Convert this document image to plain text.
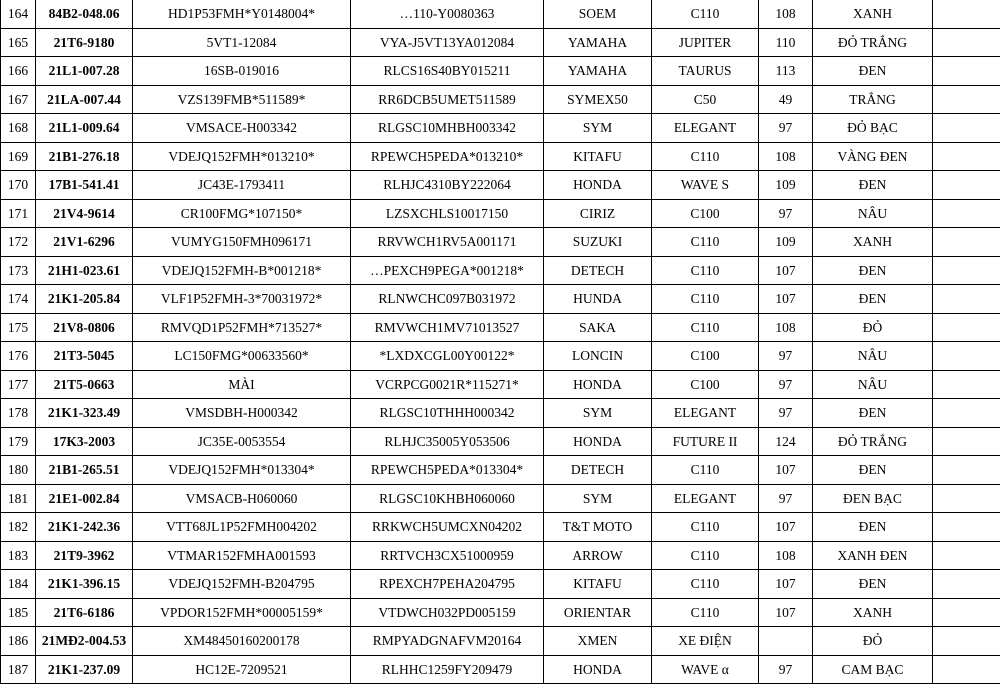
164	84B2-048.06	HD1P53FMH*Y0148004*	…110-Y0080363	SOEM	C110	108	XANH	
165	21T6-9180	5VT1-12084	VYA-J5VT13YA012084	YAMAHA	JUPITER	110	ĐỎ TRẮNG	
166	21L1-007.28	16SB-019016	RLCS16S40BY015211	YAMAHA	TAURUS	113	ĐEN	
167	21LA-007.44	VZS139FMB*511589*	RR6DCB5UMET511589	SYMEX50	C50	49	TRẮNG	
168	21L1-009.64	VMSACE-H003342	RLGSC10MHBH003342	SYM	ELEGANT	97	ĐỎ BẠC	
169	21B1-276.18	VDEJQ152FMH*013210*	RPEWCH5PEDA*013210*	KITAFU	C110	108	VÀNG ĐEN	
170	17B1-541.41	JC43E-1793411	RLHJC4310BY222064	HONDA	WAVE S	109	ĐEN	
171	21V4-9614	CR100FMG*107150*	LZSXCHLS10017150	CIRIZ	C100	97	NÂU	
172	21V1-6296	VUMYG150FMH096171	RRVWCH1RV5A001171	SUZUKI	C110	109	XANH	
173	21H1-023.61	VDEJQ152FMH-B*001218*	…PEXCH9PEGA*001218*	DETECH	C110	107	ĐEN	
174	21K1-205.84	VLF1P52FMH-3*70031972*	RLNWCHC097B031972	HUNDA	C110	107	ĐEN	
175	21V8-0806	RMVQD1P52FMH*713527*	RMVWCH1MV71013527	SAKA	C110	108	ĐỎ	
176	21T3-5045	LC150FMG*00633560*	*LXDXCGL00Y00122*	LONCIN	C100	97	NÂU	
177	21T5-0663	MÀI	VCRPCG0021R*115271*	HONDA	C100	97	NÂU	
178	21K1-323.49	VMSDBH-H000342	RLGSC10THHH000342	SYM	ELEGANT	97	ĐEN	
179	17K3-2003	JC35E-0053554	RLHJC35005Y053506	HONDA	FUTURE II	124	ĐỎ TRẮNG	
180	21B1-265.51	VDEJQ152FMH*013304*	RPEWCH5PEDA*013304*	DETECH	C110	107	ĐEN	
181	21E1-002.84	VMSACB-H060060	RLGSC10KHBH060060	SYM	ELEGANT	97	ĐEN BẠC	
182	21K1-242.36	VTT68JL1P52FMH004202	RRKWCH5UMCXN04202	T&T MOTO	C110	107	ĐEN	
183	21T9-3962	VTMAR152FMHA001593	RRTVCH3CX51000959	ARROW	C110	108	XANH ĐEN	
184	21K1-396.15	VDEJQ152FMH-B204795	RPEXCH7PEHA204795	KITAFU	C110	107	ĐEN	
185	21T6-6186	VPDOR152FMH*00005159*	VTDWCH032PD005159	ORIENTAR	C110	107	XANH	
186	21MĐ2-004.53	XM48450160200178	RMPYADGNAFVM20164	XMEN	XE ĐIỆN		ĐỎ	
187	21K1-237.09	HC12E-7209521	RLHHC1259FY209479	HONDA	WAVE α	97	CAM BẠC	
